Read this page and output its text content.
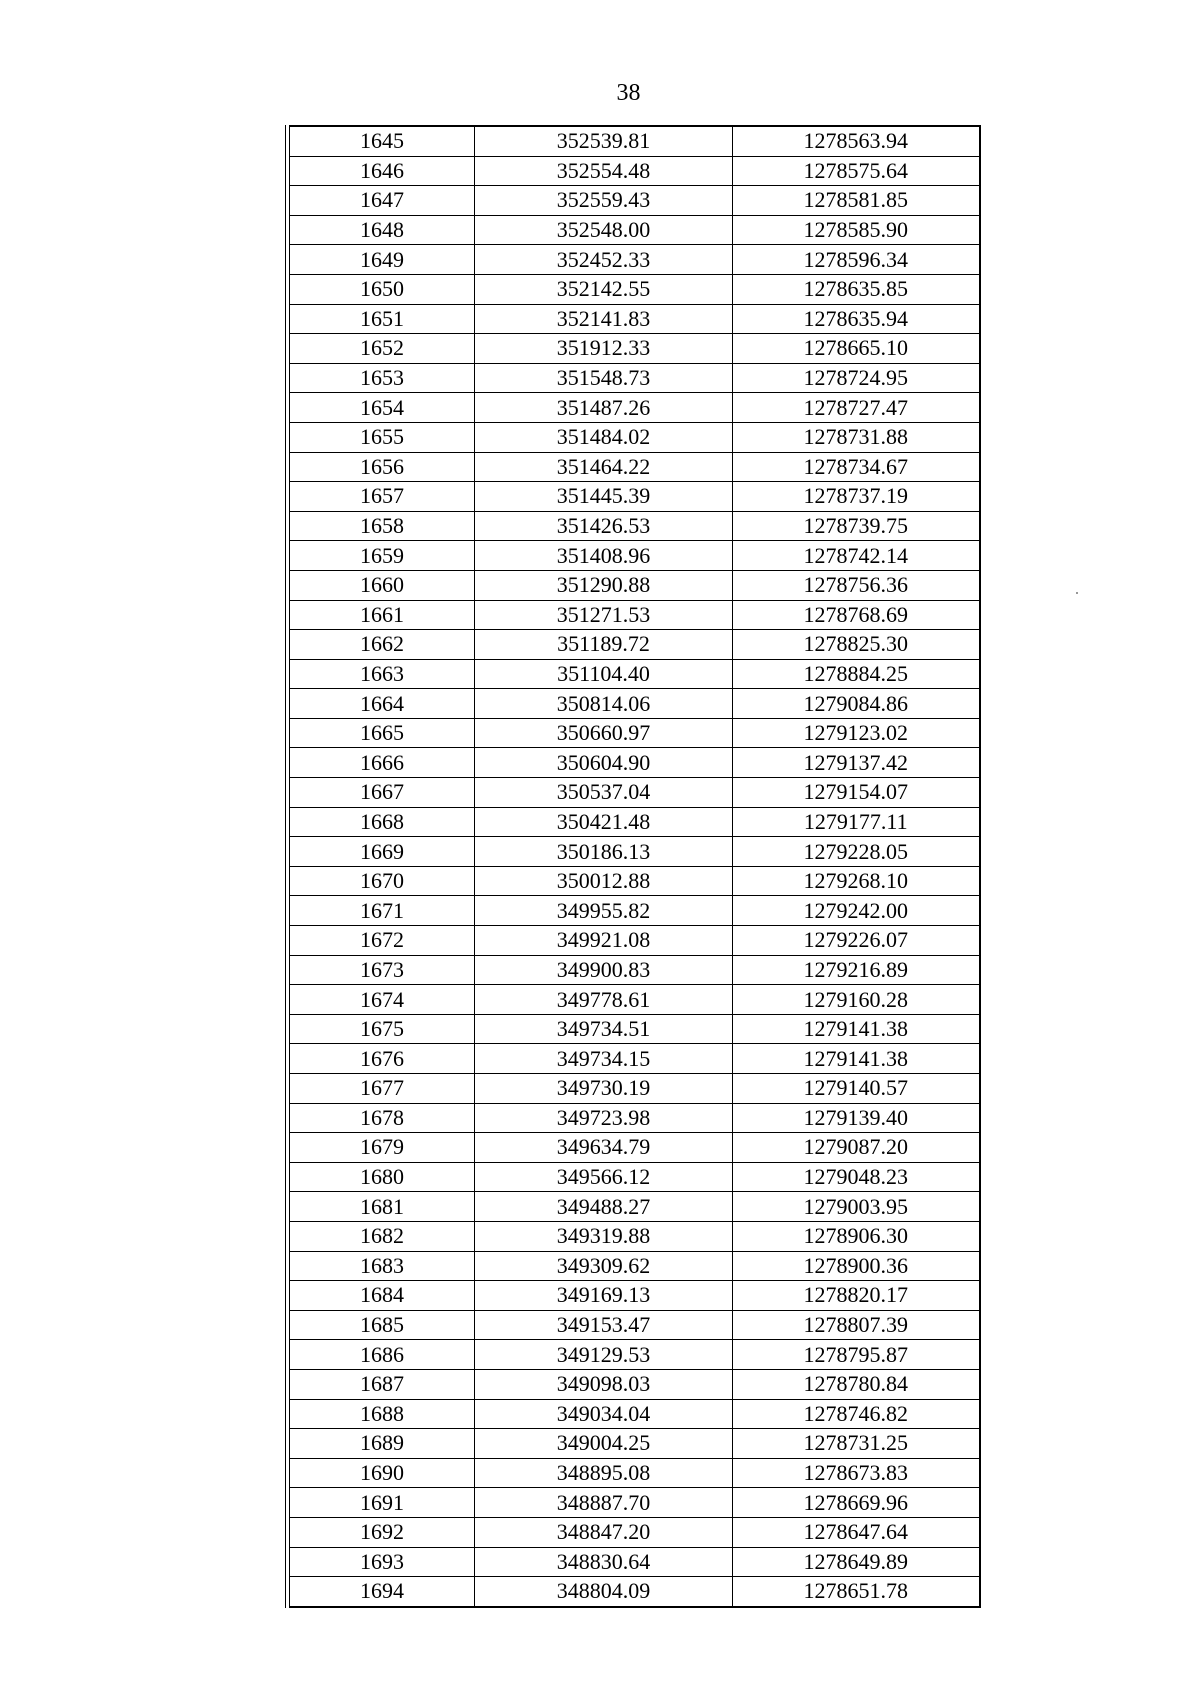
38
1645	352539.81	1278563.94
1646	352554.48	1278575.64
1647	352559.43	1278581.85
1648	352548.00	1278585.90
1649	352452.33	1278596.34
1650	352142.55	1278635.85
1651	352141.83	1278635.94
1652	351912.33	1278665.10
1653	351548.73	1278724.95
1654	351487.26	1278727.47
1655	351484.02	1278731.88
1656	351464.22	1278734.67
1657	351445.39	1278737.19
1658	351426.53	1278739.75
1659	351408.96	1278742.14
1660	351290.88	1278756.36
1661	351271.53	1278768.69
1662	351189.72	1278825.30
1663	351104.40	1278884.25
1664	350814.06	1279084.86
1665	350660.97	1279123.02
1666	350604.90	1279137.42
1667	350537.04	1279154.07
1668	350421.48	1279177.11
1669	350186.13	1279228.05
1670	350012.88	1279268.10
1671	349955.82	1279242.00
1672	349921.08	1279226.07
1673	349900.83	1279216.89
1674	349778.61	1279160.28
1675	349734.51	1279141.38
1676	349734.15	1279141.38
1677	349730.19	1279140.57
1678	349723.98	1279139.40
1679	349634.79	1279087.20
1680	349566.12	1279048.23
1681	349488.27	1279003.95
1682	349319.88	1278906.30
1683	349309.62	1278900.36
1684	349169.13	1278820.17
1685	349153.47	1278807.39
1686	349129.53	1278795.87
1687	349098.03	1278780.84
1688	349034.04	1278746.82
1689	349004.25	1278731.25
1690	348895.08	1278673.83
1691	348887.70	1278669.96
1692	348847.20	1278647.64
1693	348830.64	1278649.89
1694	348804.09	1278651.78
